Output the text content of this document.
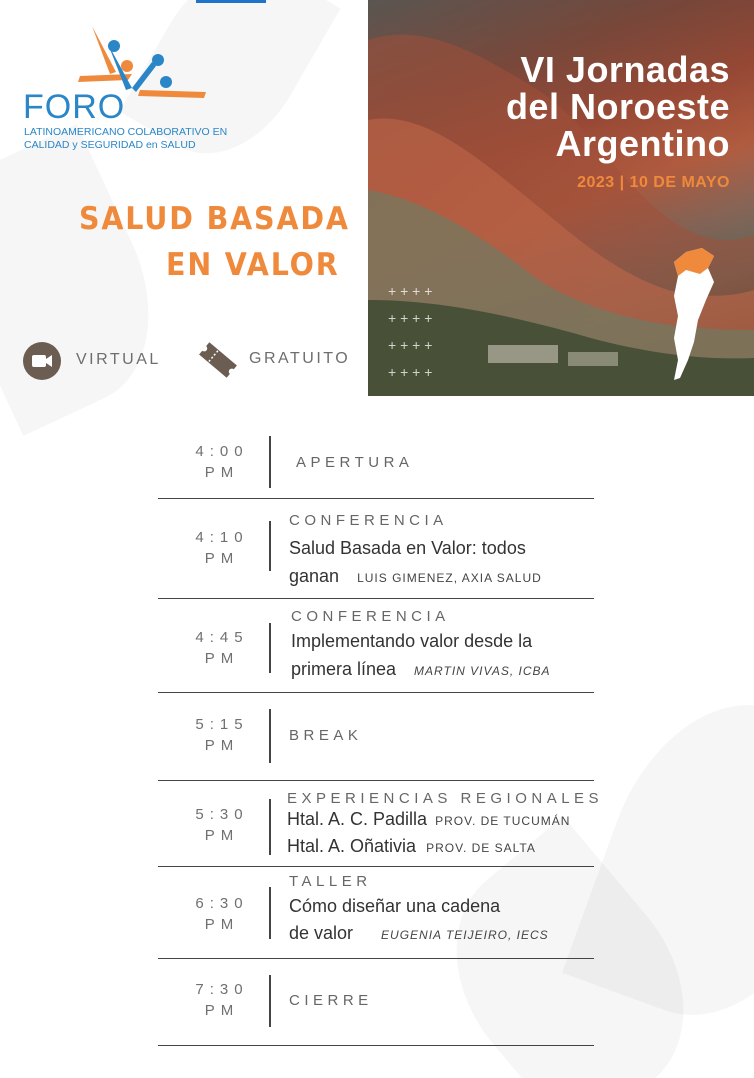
FORO
LATINOAMERICANO COLABORATIVO EN
CALIDAD y SEGURIDAD en SALUD
SALUD BASADA
EN VALOR
VIRTUAL	GRATUITO
+ + + +
+ + + +
+ + + +
+ + + +
VI Jornadas
del Noroeste
Argentino
2023 | 10 DE MAYO
4:00
PM
APERTURA
4:10
PM
CONFERENCIA
Salud Basada en Valor: todos
ganan LUIS GIMENEZ, AXIA SALUD
4:45
PM
CONFERENCIA
Implementando valor desde la
primera línea MARTIN VIVAS, ICBA
5:15
PM
BREAK
5:30
PM
EXPERIENCIAS REGIONALES
Htal. A. C. Padilla PROV. DE TUCUMÁN
Htal. A. Oñativia PROV. DE SALTA
6:30
PM
TALLER
Cómo diseñar una cadena
de valor EUGENIA TEIJEIRO, IECS
7:30
PM
CIERRE
